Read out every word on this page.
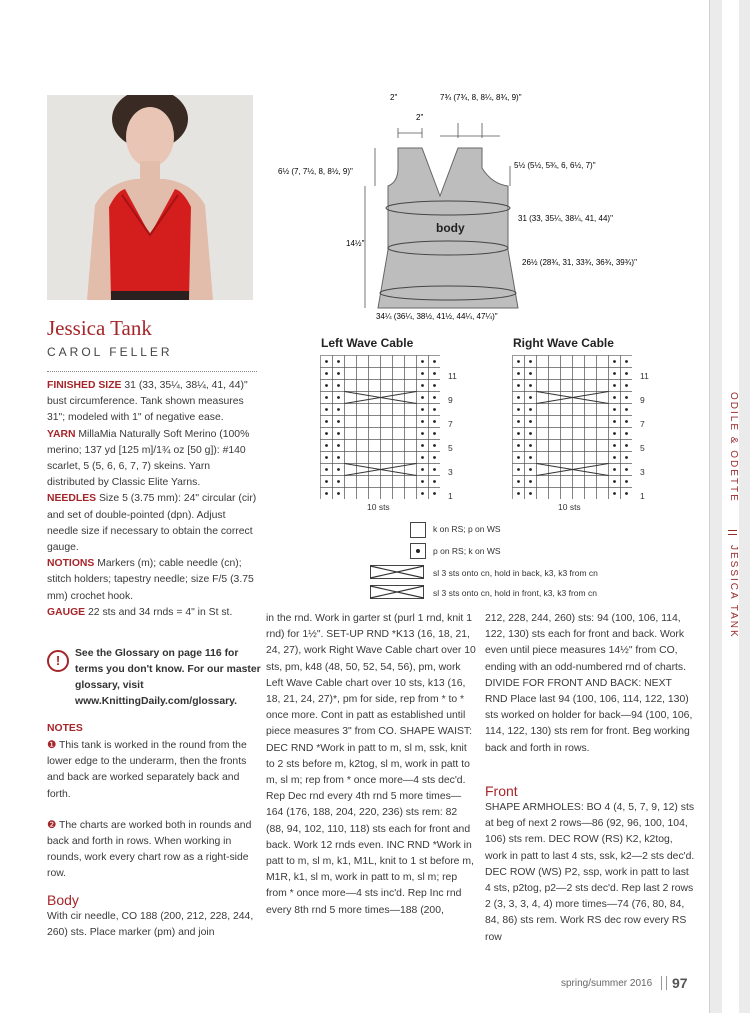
ODILE & ODETTE
JESSICA TANK
Jessica Tank
CAROL FELLER

FINISHED SIZE 31 (33, 35¼, 38¼, 41, 44)" bust circumference. Tank shown measures 31"; modeled with 1" of negative ease.

YARN MillaMia Naturally Soft Merino (100% merino; 137 yd [125 m]/1¾ oz [50 g]): #140 scarlet, 5 (5, 6, 6, 7, 7) skeins. Yarn distributed by Classic Elite Yarns.

NEEDLES Size 5 (3.75 mm): 24" circular (cir) and set of double-pointed (dpn). Adjust needle size if necessary to obtain the correct gauge.

NOTIONS Markers (m); cable needle (cn); stitch holders; tapestry needle; size F/5 (3.75 mm) crochet hook.

GAUGE 22 sts and 34 rnds = 4" in St st.

!	See the Glossary on page 116 for terms you don't know. For our master glossary, visit www.KnittingDaily.com/glossary.
NOTES

❶ This tank is worked in the round from the lower edge to the underarm, then the fronts and back are worked separately back and forth.

❷ The charts are worked both in rounds and back and forth in rows. When working in rounds, work every chart row as a right-side row.

Body
With cir needle, CO 188 (200, 212, 228, 244, 260) sts. Place marker (pm) and join
in the rnd. Work in garter st (purl 1 rnd, knit 1 rnd) for 1½". SET-UP RND *K13 (16, 18, 21, 24, 27), work Right Wave Cable chart over 10 sts, pm, k48 (48, 50, 52, 54, 56), pm, work Left Wave Cable chart over 10 sts, k13 (16, 18, 21, 24, 27)*, pm for side, rep from * to * once more. Cont in patt as established until piece measures 3" from CO. SHAPE WAIST: DEC RND *Work in patt to m, sl m, ssk, knit to 2 sts before m, k2tog, sl m, work in patt to m, sl m; rep from * once more—4 sts dec'd. Rep Dec rnd every 4th rnd 5 more times—164 (176, 188, 204, 220, 236) sts rem: 82 (88, 94, 102, 110, 118) sts each for front and back. Work 12 rnds even. INC RND *Work in patt to m, sl m, k1, M1L, knit to 1 st before m, M1R, k1, sl m, work in patt to m, sl m; rep from * once more—4 sts inc'd. Rep Inc rnd every 8th rnd 5 more times—188 (200,
212, 228, 244, 260) sts: 94 (100, 106, 114, 122, 130) sts each for front and back. Work even until piece measures 14½" from CO, ending with an odd-numbered rnd of charts. DIVIDE FOR FRONT AND BACK: NEXT RND Place last 94 (100, 106, 114, 122, 130) sts worked on holder for back—94 (100, 106, 114, 122, 130) sts rem for front. Beg working back and forth in rows.
Front
SHAPE ARMHOLES: BO 4 (4, 5, 7, 9, 12) sts at beg of next 2 rows—86 (92, 96, 100, 104, 106) sts rem. DEC ROW (RS) K2, k2tog, work in patt to last 4 sts, ssk, k2—2 sts dec'd. DEC ROW (WS) P2, ssp, work in patt to last 4 sts, p2tog, p2—2 sts dec'd. Rep last 2 rows 2 (3, 3, 3, 4, 4) more times—74 (76, 80, 84, 84, 86) sts rem. Work RS dec row every RS row
2"	7¾ (7¾, 8, 8¼, 8¾, 9)"
2"
6½ (7, 7½, 8, 8½, 9)"
5½ (5½, 5¾, 6, 6½, 7)"
31 (33, 35¼, 38¼, 41, 44)"
14½"
26½ (28¾, 31, 33¾, 36¾, 39¾)"
34¼ (36¼, 38½, 41½, 44¼, 47¼)"
body
Left Wave Cable	Right Wave Cable
11
9
7
5
3
1
11
9
7
5
3
1
10 sts	10 sts
k on RS; p on WS
p on RS; k on WS
sl 3 sts onto cn, hold in back, k3, k3 from cn
sl 3 sts onto cn, hold in front, k3, k3 from cn
spring/summer 2016 97
